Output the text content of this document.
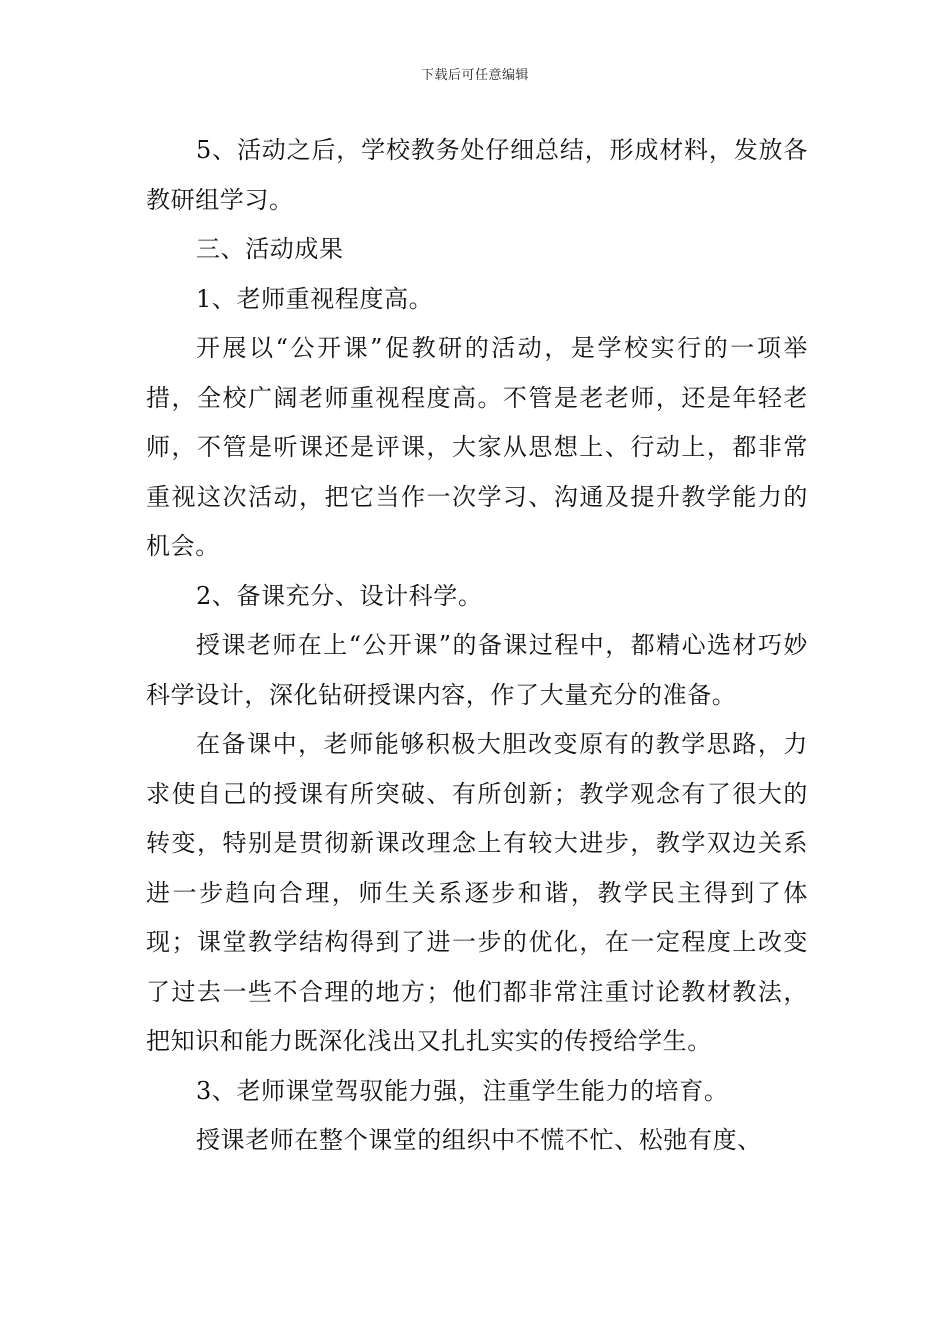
下载后可任意编辑

5、活动之后，学校教务处仔细总结，形成材料，发放各教研组学习。

三、活动成果

1、老师重视程度高。

开展以“公开课”促教研的活动，是学校实行的一项举措，全校广阔老师重视程度高。不管是老老师，还是年轻老师，不管是听课还是评课，大家从思想上、行动上，都非常重视这次活动，把它当作一次学习、沟通及提升教学能力的机会。

2、备课充分、设计科学。

授课老师在上“公开课”的备课过程中，都精心选材巧妙科学设计，深化钻研授课内容，作了大量充分的准备。

在备课中，老师能够积极大胆改变原有的教学思路，力求使自己的授课有所突破、有所创新；教学观念有了很大的转变，特别是贯彻新课改理念上有较大进步，教学双边关系进一步趋向合理，师生关系逐步和谐，教学民主得到了体现；课堂教学结构得到了进一步的优化，在一定程度上改变了过去一些不合理的地方；他们都非常注重讨论教材教法，把知识和能力既深化浅出又扎扎实实的传授给学生。

3、老师课堂驾驭能力强，注重学生能力的培育。

授课老师在整个课堂的组织中不慌不忙、松弛有度、
